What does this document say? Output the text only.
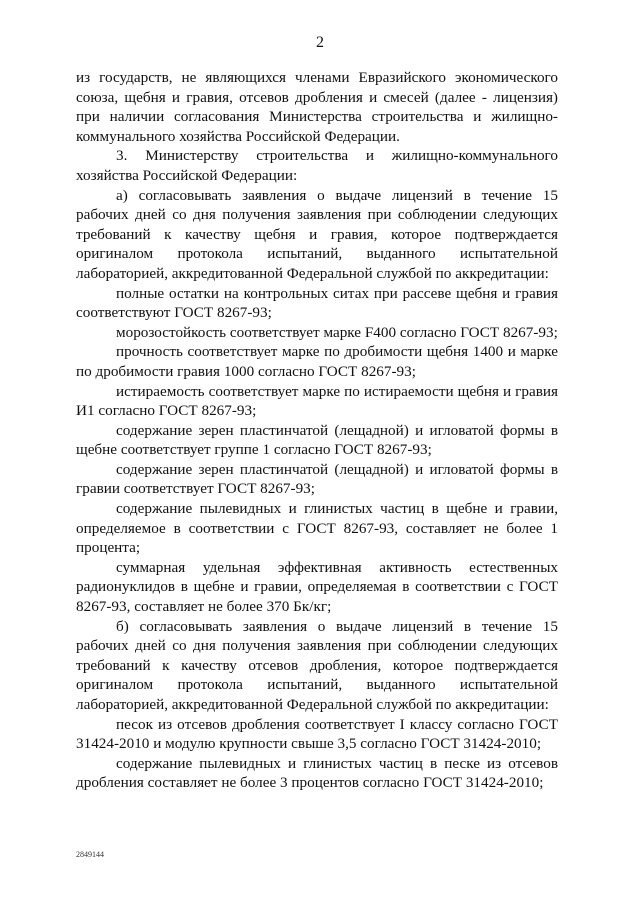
2

из государств, не являющихся членами Евразийского экономического союза, щебня и гравия, отсевов дробления и смесей (далее - лицензия) при наличии согласования Министерства строительства и жилищно-коммунального хозяйства Российской Федерации.

3. Министерству строительства и жилищно-коммунального хозяйства Российской Федерации:

а) согласовывать заявления о выдаче лицензий в течение 15 рабочих дней со дня получения заявления при соблюдении следующих требований к качеству щебня и гравия, которое подтверждается оригиналом протокола испытаний, выданного испытательной лабораторией, аккредитованной Федеральной службой по аккредитации:

полные остатки на контрольных ситах при рассеве щебня и гравия соответствуют ГОСТ 8267-93;

морозостойкость соответствует марке F400 согласно ГОСТ 8267-93;

прочность соответствует марке по дробимости щебня 1400 и марке по дробимости гравия 1000 согласно ГОСТ 8267-93;

истираемость соответствует марке по истираемости щебня и гравия И1 согласно ГОСТ 8267-93;

содержание зерен пластинчатой (лещадной) и игловатой формы в щебне соответствует группе 1 согласно ГОСТ 8267-93;

содержание зерен пластинчатой (лещадной) и игловатой формы в гравии соответствует ГОСТ 8267-93;

содержание пылевидных и глинистых частиц в щебне и гравии, определяемое в соответствии с ГОСТ 8267-93, составляет не более 1 процента;

суммарная удельная эффективная активность естественных радионуклидов в щебне и гравии, определяемая в соответствии с ГОСТ 8267-93, составляет не более 370 Бк/кг;

б) согласовывать заявления о выдаче лицензий в течение 15 рабочих дней со дня получения заявления при соблюдении следующих требований к качеству отсевов дробления, которое подтверждается оригиналом протокола испытаний, выданного испытательной лабораторией, аккредитованной Федеральной службой по аккредитации:

песок из отсевов дробления соответствует I классу согласно ГОСТ 31424-2010 и модулю крупности свыше 3,5 согласно ГОСТ 31424-2010;

содержание пылевидных и глинистых частиц в песке из отсевов дробления составляет не более 3 процентов согласно ГОСТ 31424-2010;

2849144
